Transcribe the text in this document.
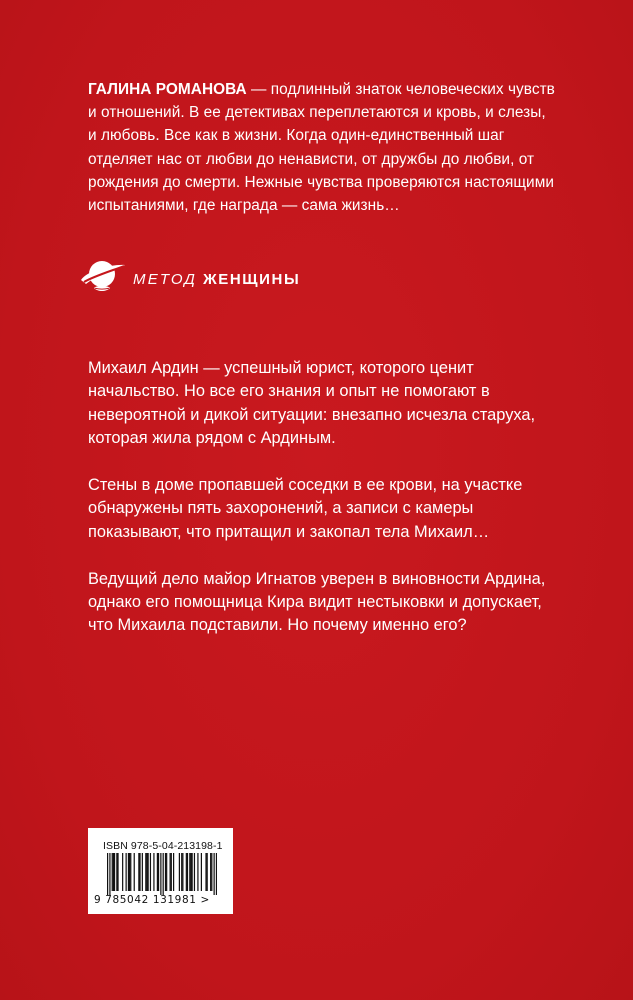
ГАЛИНА РОМАНОВА — подлинный знаток человеческих чувств и отношений. В ее детективах переплетаются и кровь, и слезы, и любовь. Все как в жизни. Когда один-единственный шаг отделяет нас от любви до ненависти, от дружбы до любви, от рождения до смерти. Нежные чувства проверяются настоящими испытаниями, где награда — сама жизнь…
МЕТОД ЖЕНЩИНЫ

Михаил Ардин — успешный юрист, которого ценит начальство. Но все его знания и опыт не помогают в невероятной и дикой ситуации: внезапно исчезла старуха, которая жила рядом с Ардиным.

Стены в доме пропавшей соседки в ее крови, на участке обнаружены пять захоронений, а записи с камеры показывают, что притащил и закопал тела Михаил…

Ведущий дело майор Игнатов уверен в виновности Ардина, однако его помощница Кира видит нестыковки и допускает, что Михаила подставили. Но почему именно его?

ISBN 978-5-04-213198-1
9 785042 131981 >
